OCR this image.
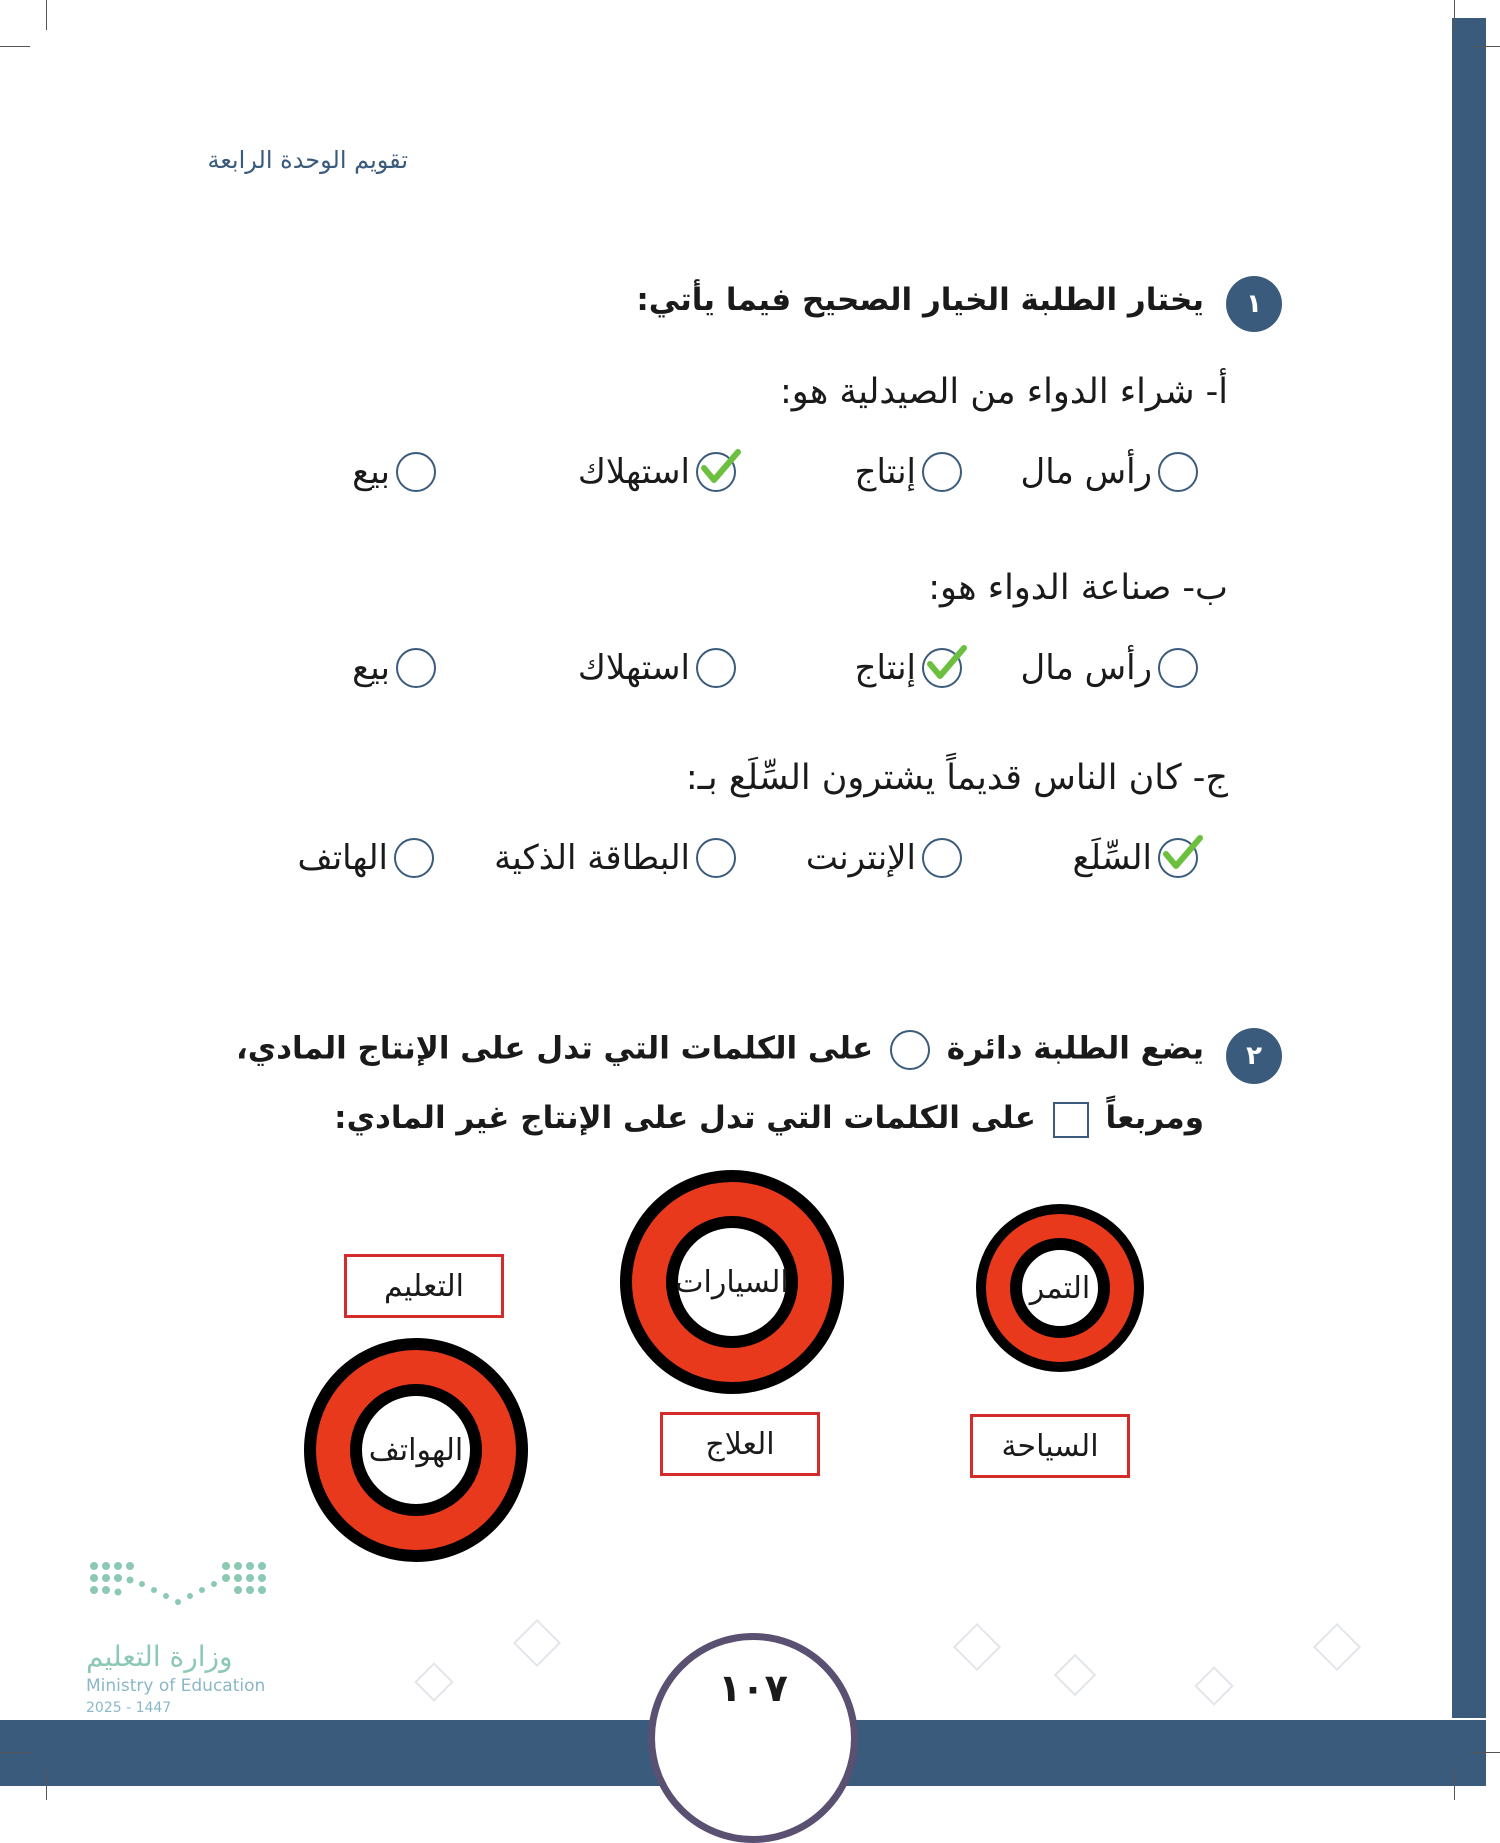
تقويم الوحدة الرابعة
١
يختار الطلبة الخيار الصحيح فيما يأتي:
أ- شراء الدواء من الصيدلية هو:
رأس مال
إنتاج
استهلاك
بيع
ب- صناعة الدواء هو:
رأس مال
إنتاج
استهلاك
بيع
ج- كان الناس قديماً يشترون السِّلَع بـ:
السِّلَع
الإنترنت
البطاقة الذكية
الهاتف
٢
يضع الطلبة دائرة  على الكلمات التي تدل على الإنتاج المادي،
ومربعاً  على الكلمات التي تدل على الإنتاج غير المادي:
التمر
السيارات
الهواتف
التعليم
العلاج	السياحة
١٠٧
وزارة التعليم
Ministry of Education
2025 - 1447
